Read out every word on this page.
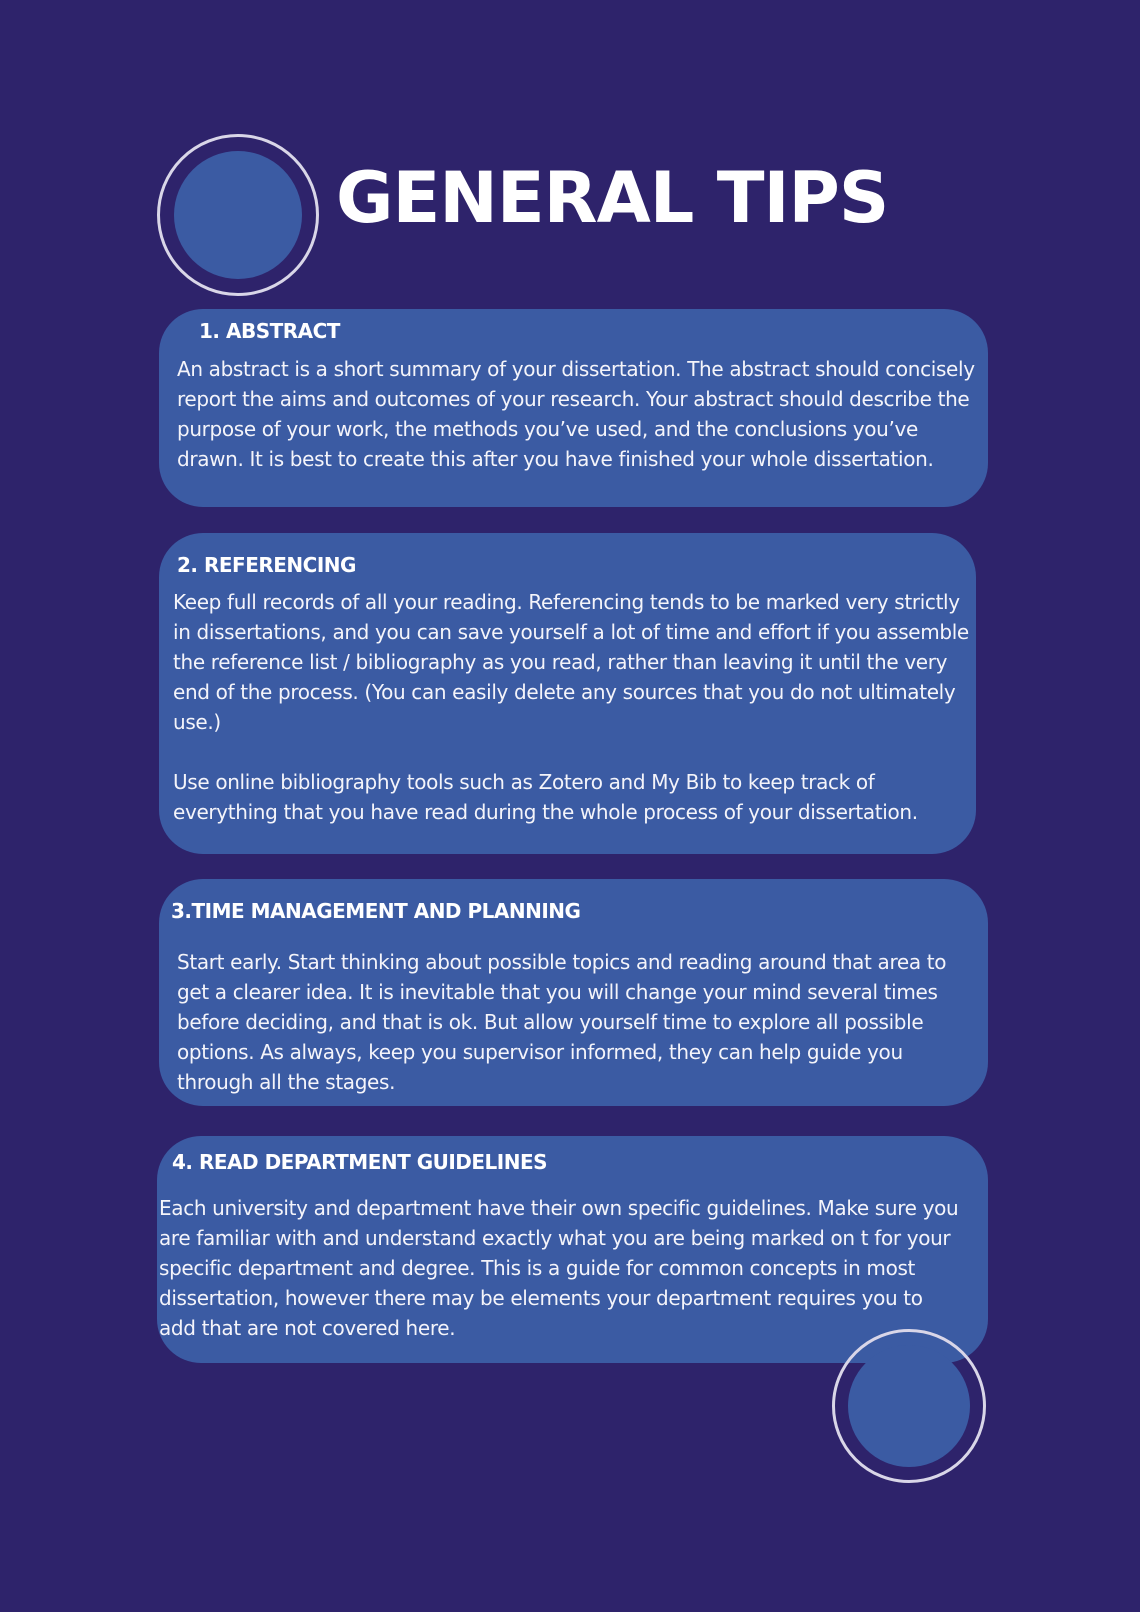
GENERAL TIPS
1. ABSTRACT

An abstract is a short summary of your dissertation. The abstract should concisely report the aims and outcomes of your research. Your abstract should describe the purpose of your work, the methods you’ve used, and the conclusions you’ve drawn. It is best to create this after you have finished your whole dissertation.

2. REFERENCING

Keep full records of all your reading. Referencing tends to be marked very strictly in dissertations, and you can save yourself a lot of time and effort if you assemble the reference list / bibliography as you read, rather than leaving it until the very end of the process. (You can easily delete any sources that you do not ultimately use.)

Use online bibliography tools such as Zotero and My Bib to keep track of everything that you have read during the whole process of your dissertation.

3.TIME MANAGEMENT AND PLANNING

Start early. Start thinking about possible topics and reading around that area to get a clearer idea. It is inevitable that you will change your mind several times before deciding, and that is ok. But allow yourself time to explore all possible options. As always, keep you supervisor informed, they can help guide you through all the stages.

4. READ DEPARTMENT GUIDELINES

Each university and department have their own specific guidelines. Make sure you are familiar with and understand exactly what you are being marked on t for your specific department and degree. This is a guide for common concepts in most dissertation, however there may be elements your department requires you to add that are not covered here.
